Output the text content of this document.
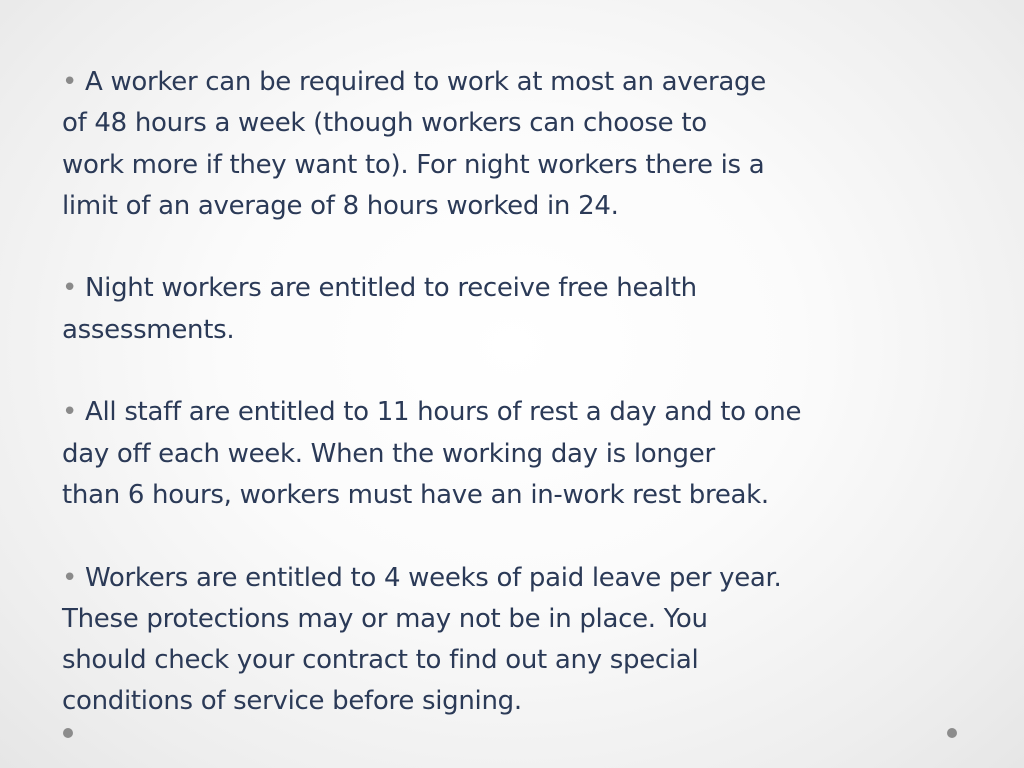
• A worker can be required to work at most an average

of 48 hours a week (though workers can choose to

work more if they want to). For night workers there is a

limit of an average of 8 hours worked in 24.

• Night workers are entitled to receive free health

assessments.

• All staff are entitled to 11 hours of rest a day and to one

day off each week. When the working day is longer

than 6 hours, workers must have an in-work rest break.

• Workers are entitled to 4 weeks of paid leave per year.

These protections may or may not be in place. You

should check your contract to find out any special

conditions of service before signing.
